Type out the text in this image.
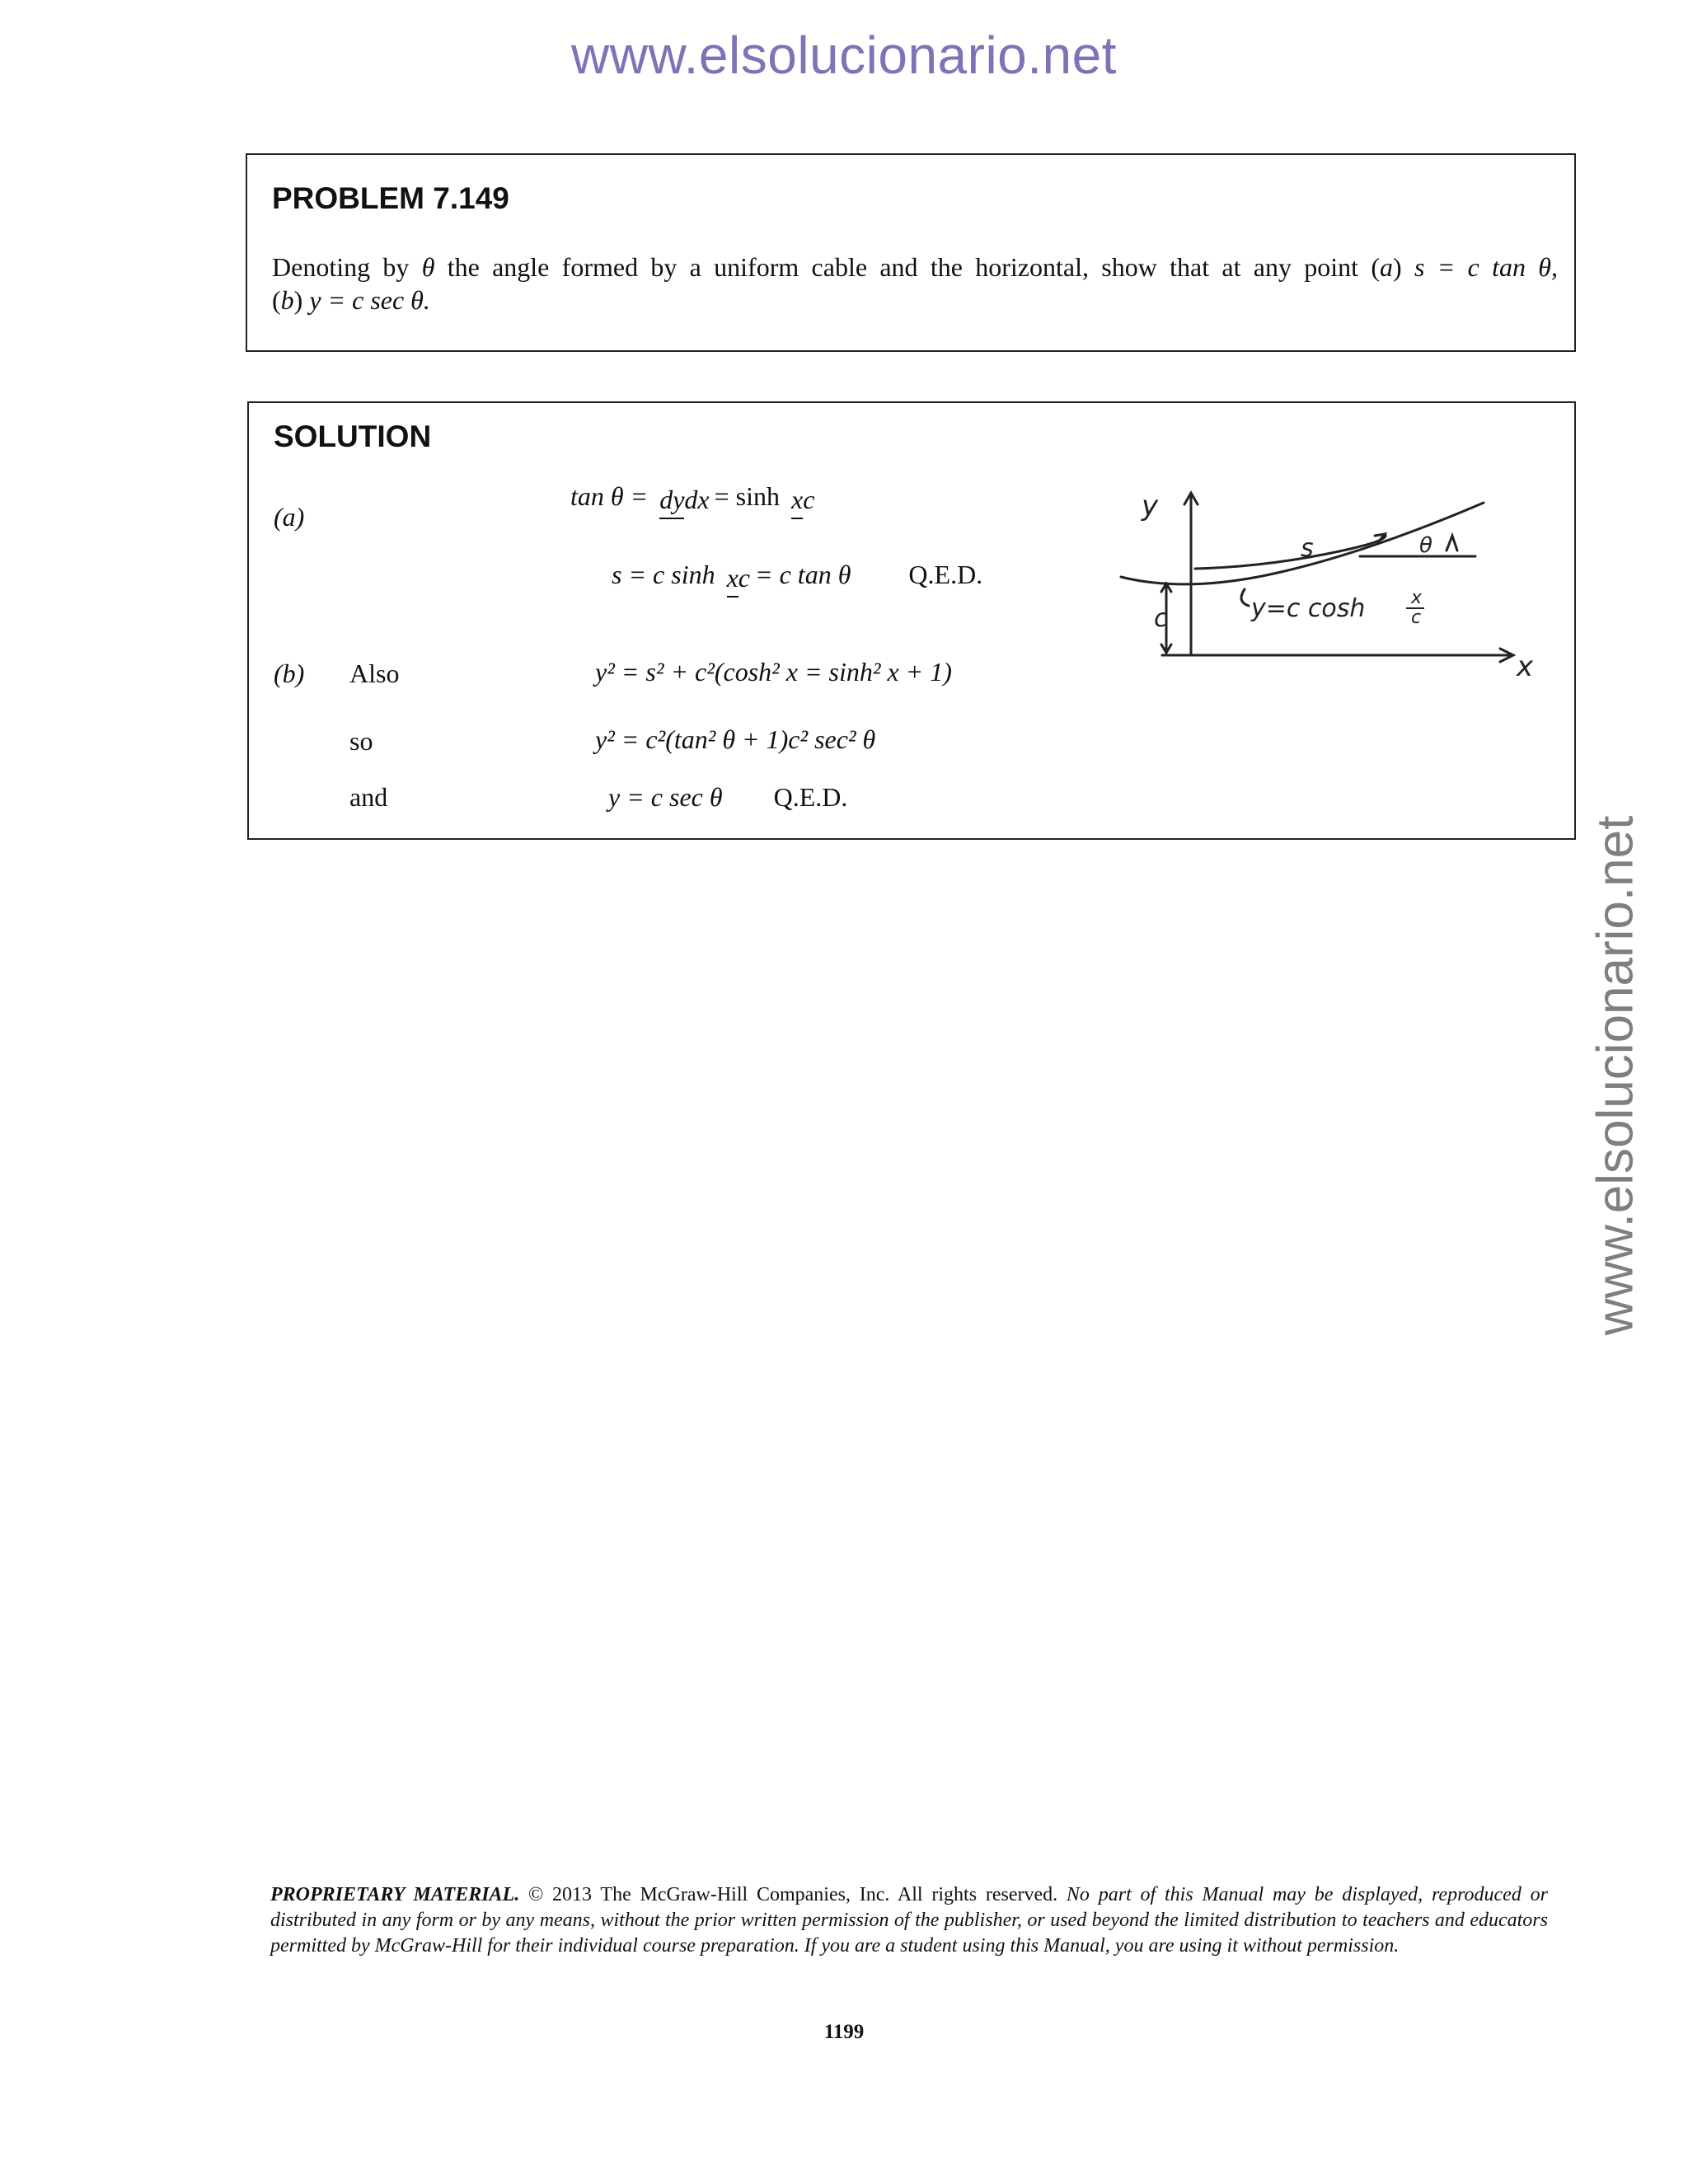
www.elsolucionario.net
www.elsolucionario.net
PROBLEM 7.149
Denoting by θ the angle formed by a uniform cable and the horizontal, show that at any point (a) s = c tan θ,
(b) y = c sec θ.
SOLUTION
(a)
tan θ = dydx = sinh xc
s = c sinh xc = c tan θ Q.E.D.
(b) Also	y² = s² + c²(cosh² x = sinh² x + 1)
so	y² = c²(tan² θ + 1)c² sec² θ
and	y = c sec θ Q.E.D.
y
x
s	θ
c	y=c cosh	x
c
PROPRIETARY MATERIAL. © 2013 The McGraw-Hill Companies, Inc. All rights reserved. No part of this Manual may be displayed, reproduced or distributed in any form or by any means, without the prior written permission of the publisher, or used beyond the limited distribution to teachers and educators permitted by McGraw-Hill for their individual course preparation. If you are a student using this Manual, you are using it without permission.
1199
